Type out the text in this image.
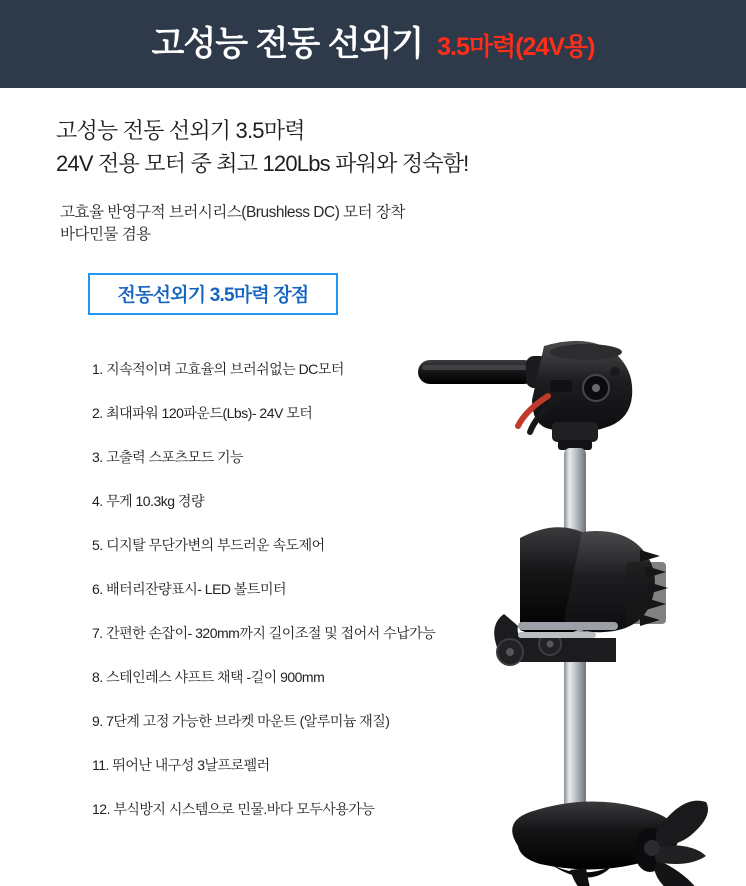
고성능 전동 선외기 3.5마력(24V용)
고성능 전동 선외기 3.5마력
24V 전용 모터 중 최고 120Lbs 파워와 정숙함!
고효율 반영구적 브러시리스(Brushless DC) 모터 장착
바다민물 겸용
전동선외기 3.5마력 장점
1. 지속적이며 고효율의 브러쉬없는 DC모터
2. 최대파워 120파운드(Lbs)- 24V 모터
3. 고출력 스포츠모드 기능
4. 무게 10.3kg 경량
5. 디지탈 무단가변의 부드러운 속도제어
6. 배터리잔량표시- LED 볼트미터
7. 간편한 손잡이- 320mm까지 길이조절 및 접어서 수납가능
8. 스테인레스 샤프트 채택 -길이 900mm
9. 7단계 고정 가능한 브라켓 마운트 (알루미늄 재질)
11. 뛰어난 내구성 3날프로펠러
12. 부식방지 시스템으로 민물.바다 모두사용가능
